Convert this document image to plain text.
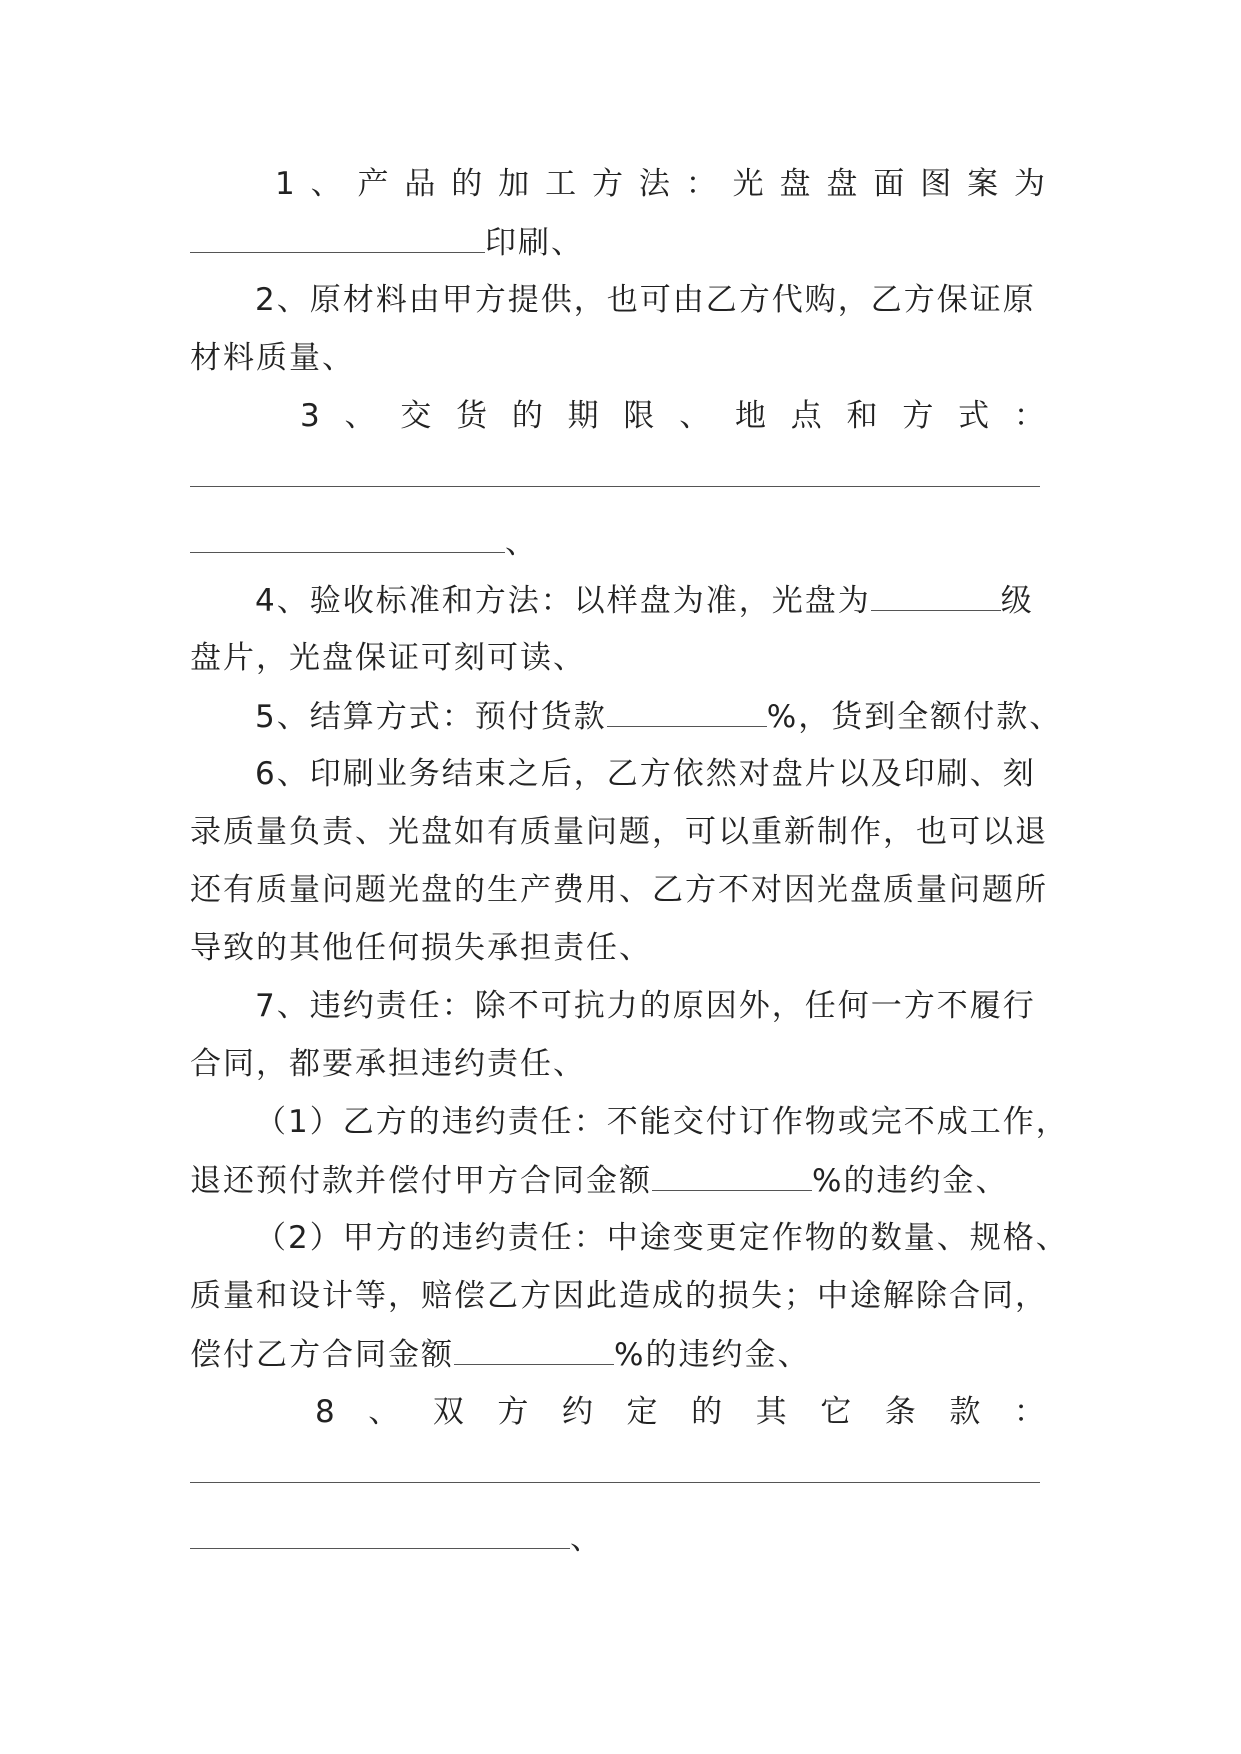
1 、 产 品 的 加 工 方 法 ： 光 盘 盘 面 图 案 为
印刷、
2、原材料由甲方提供，也可由乙方代购，乙方保证原
材料质量、
3 、 交 货 的 期 限 、 地 点 和 方 式 ：
、
4、验收标准和方法：以样盘为准，光盘为	级
盘片，光盘保证可刻可读、
5、结算方式：预付货款	%，货到全额付款、
6、印刷业务结束之后，乙方依然对盘片以及印刷、刻
录质量负责、光盘如有质量问题，可以重新制作，也可以退
还有质量问题光盘的生产费用、乙方不对因光盘质量问题所
导致的其他任何损失承担责任、
7、违约责任：除不可抗力的原因外，任何一方不履行
合同，都要承担违约责任、
（1）乙方的违约责任：不能交付订作物或完不成工作，
退还预付款并偿付甲方合同金额	%的违约金、
（2）甲方的违约责任：中途变更定作物的数量、规格、
质量和设计等，赔偿乙方因此造成的损失；中途解除合同，
偿付乙方合同金额	%的违约金、
8 、 双 方 约 定 的 其 它 条 款 ：
、
